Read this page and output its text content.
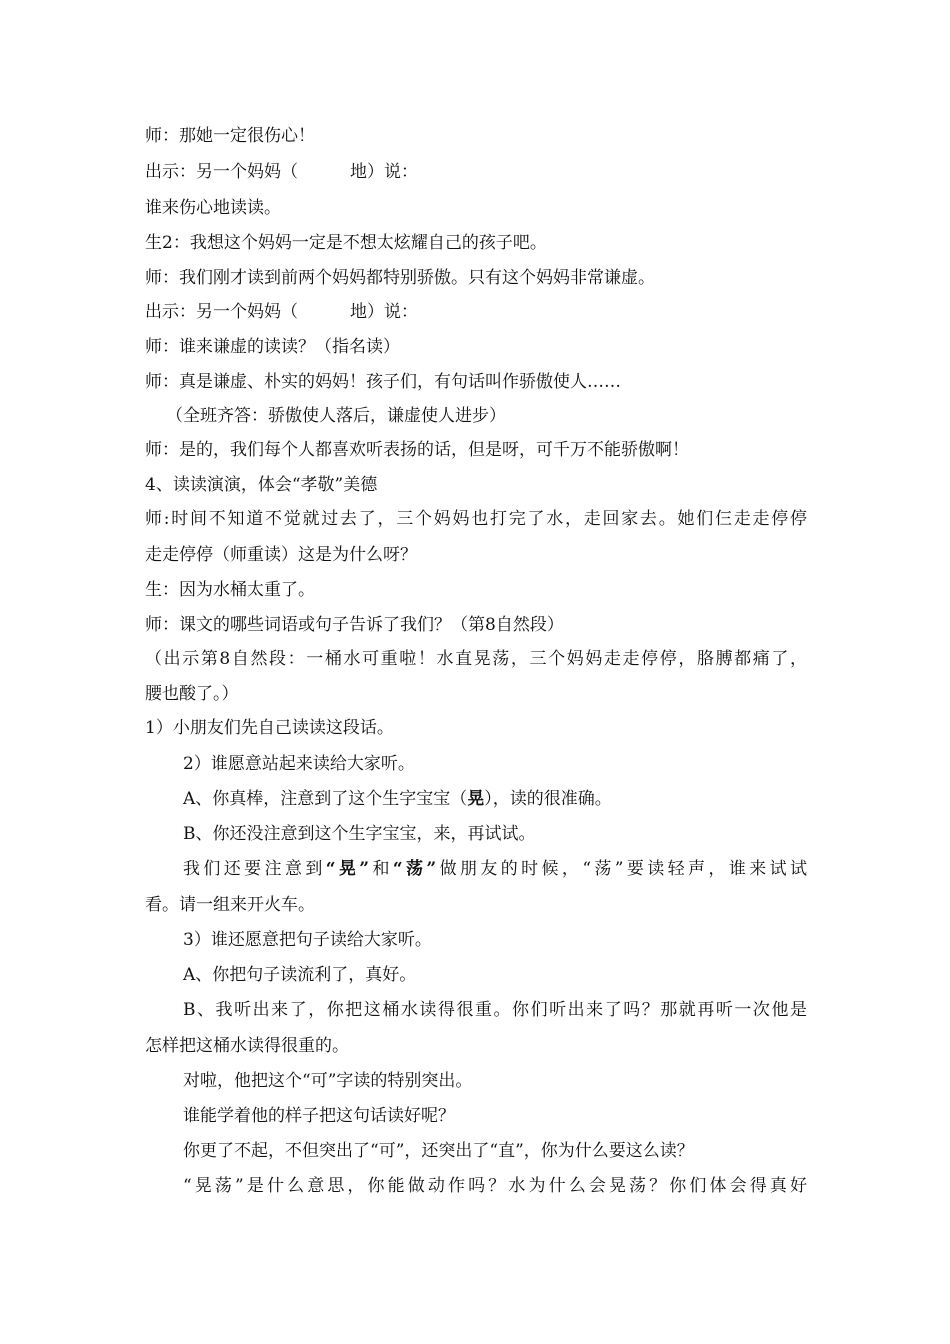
师：那她一定很伤心！
出示：另一个妈妈（	地）说：
谁来伤心地读读。
生2：我想这个妈妈一定是不想太炫耀自己的孩子吧。
师：我们刚才读到前两个妈妈都特别骄傲。只有这个妈妈非常谦虚。
出示：另一个妈妈（	地）说：
师：谁来谦虚的读读？（指名读）
师：真是谦虚、朴实的妈妈！孩子们，有句话叫作骄傲使人……
（全班齐答：骄傲使人落后，谦虚使人进步）
师：是的，我们每个人都喜欢听表扬的话，但是呀，可千万不能骄傲啊！
4、读读演演，体会“孝敬”美德
师:时间不知道不觉就过去了，三个妈妈也打完了水，走回家去。她们仨走走停停
走走停停（师重读）这是为什么呀？
生：因为水桶太重了。
师：课文的哪些词语或句子告诉了我们？（第8自然段）
（出示第8自然段：一桶水可重啦！水直晃荡，三个妈妈走走停停，胳膊都痛了，
腰也酸了。）
1）小朋友们先自己读读这段话。
2）谁愿意站起来读给大家听。
A、你真棒，注意到了这个生字宝宝（晃），读的很准确。
B、你还没注意到这个生字宝宝，来，再试试。
我们还要注意到“晃”和“荡”做朋友的时候，“荡”要读轻声，谁来试试
看。请一组来开火车。
3）谁还愿意把句子读给大家听。
A、你把句子读流利了，真好。
B、我听出来了，你把这桶水读得很重。你们听出来了吗？那就再听一次他是
怎样把这桶水读得很重的。
对啦，他把这个“可”字读的特别突出。
谁能学着他的样子把这句话读好呢？
你更了不起，不但突出了“可”，还突出了“直”，你为什么要这么读？
“晃荡”是什么意思，你能做动作吗？水为什么会晃荡？你们体会得真好
